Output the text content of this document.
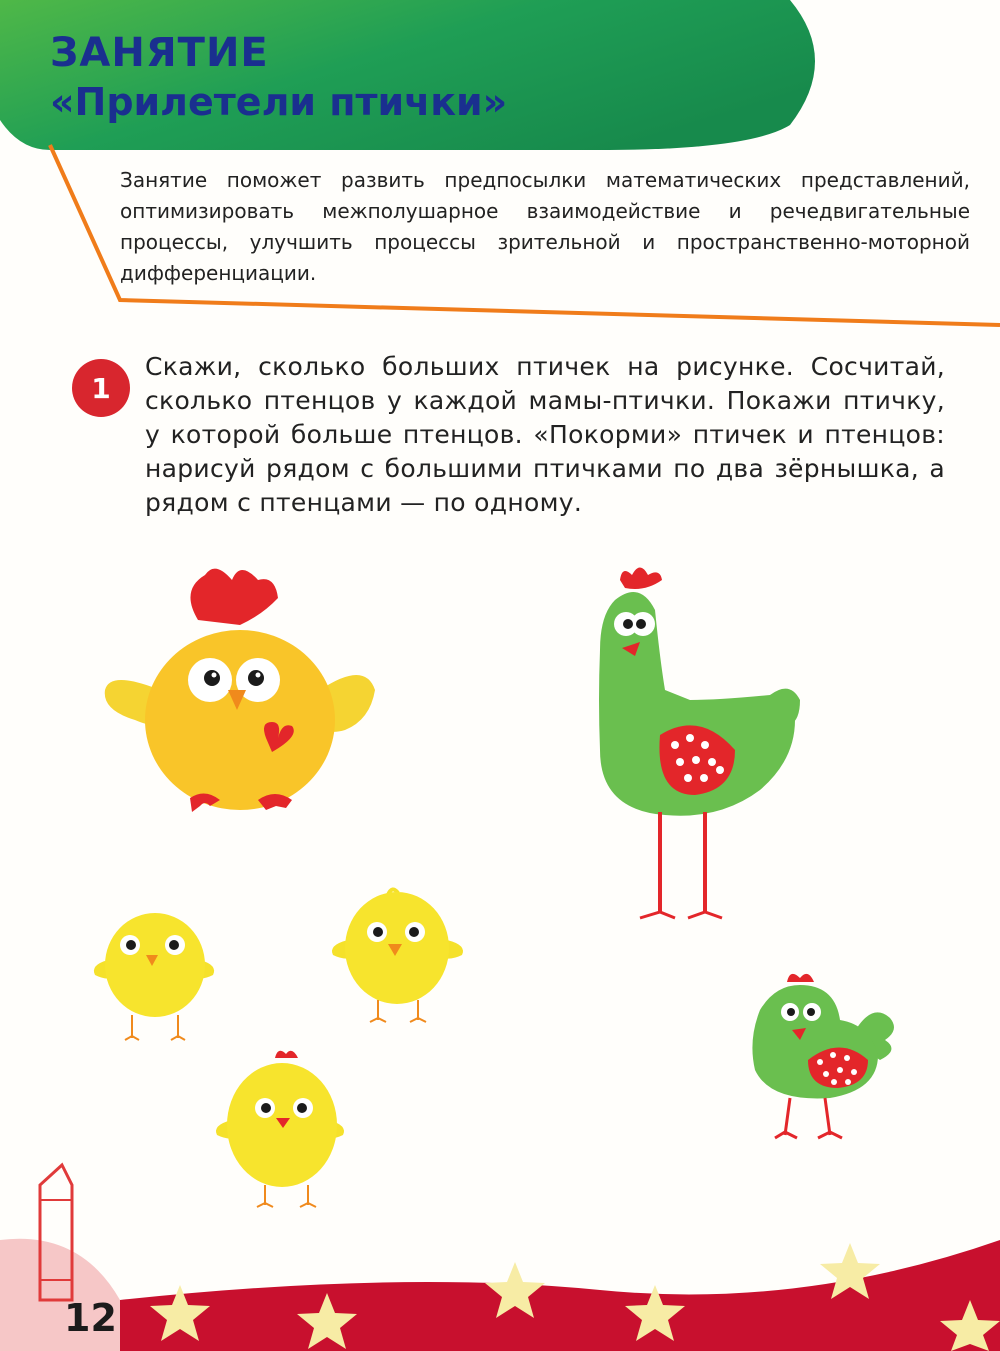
ЗАНЯТИЕ
«Прилетели птички»
Занятие поможет развить предпосылки математических представлений, оптимизировать межполушарное взаимодействие и речедвигательные процессы, улучшить процессы зрительной и пространственно-моторной дифференциации.
1
Скажи, сколько больших птичек на рисунке. Сосчитай, сколько птенцов у каждой мамы-птички. Покажи птичку, у которой больше птенцов. «Покорми» птичек и птенцов: нарисуй рядом с большими птичками по два зёрнышка, а рядом с птенцами — по одному.
12
